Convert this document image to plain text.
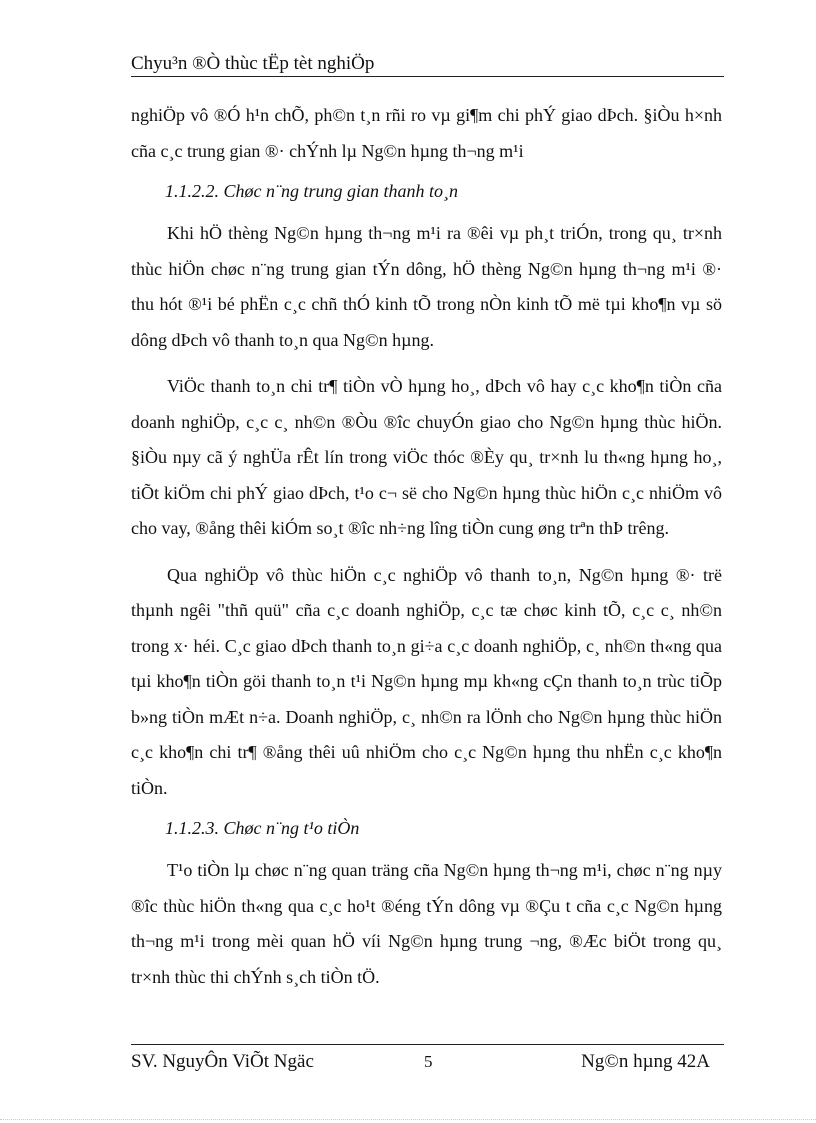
Chyu³n ®Ò thùc tËp tèt nghiÖp

nghiÖp vô ®Ó h¹n chÕ, ph©n t¸n rñi ro vµ gi¶m chi phÝ giao dÞch. §iÒu h×nh cña c¸c trung gian ®· chÝnh lµ Ng©n hµng th¬ng m¹i

1.1.2.2. Chøc n¨ng trung gian thanh to¸n

Khi hÖ thèng Ng©n hµng th¬ng m¹i ra ®êi vµ ph¸t triÓn, trong qu¸ tr×nh thùc hiÖn chøc n¨ng trung gian tÝn dông, hÖ thèng Ng©n hµng th¬ng m¹i ®· thu hót ®¹i bé phËn c¸c chñ thÓ kinh tÕ trong nÒn kinh tÕ më tµi kho¶n vµ sö dông dÞch vô thanh to¸n qua Ng©n hµng.

ViÖc thanh to¸n chi tr¶ tiÒn vÒ hµng ho¸, dÞch vô hay c¸c kho¶n tiÒn cña doanh nghiÖp, c¸c c¸ nh©n ®Òu ®îc chuyÓn giao cho Ng©n hµng thùc hiÖn. §iÒu nµy cã ý nghÜa rÊt lín trong viÖc thóc ®Èy qu¸ tr×nh lu th«ng hµng ho¸, tiÕt kiÖm chi phÝ giao dÞch, t¹o c¬ së cho Ng©n hµng thùc hiÖn c¸c nhiÖm vô cho vay, ®ång thêi kiÓm so¸t ®îc nh÷ng lîng tiÒn cung øng trªn thÞ trêng.

Qua nghiÖp vô thùc hiÖn c¸c nghiÖp vô thanh to¸n, Ng©n hµng ®· trë thµnh ngêi "thñ quü" cña c¸c doanh nghiÖp, c¸c tæ chøc kinh tÕ, c¸c c¸ nh©n trong x· héi. C¸c giao dÞch thanh to¸n gi÷a c¸c doanh nghiÖp, c¸ nh©n th«ng qua tµi kho¶n tiÒn göi thanh to¸n t¹i Ng©n hµng mµ kh«ng cÇn thanh to¸n trùc tiÕp b»ng tiÒn mÆt n÷a. Doanh nghiÖp, c¸ nh©n ra lÖnh cho Ng©n hµng thùc hiÖn c¸c kho¶n chi tr¶ ®ång thêi uû nhiÖm cho c¸c Ng©n hµng thu nhËn c¸c kho¶n tiÒn.

1.1.2.3. Chøc n¨ng t¹o tiÒn

T¹o tiÒn lµ chøc n¨ng quan träng cña Ng©n hµng th¬ng m¹i, chøc n¨ng nµy ®îc thùc hiÖn th«ng qua c¸c ho¹t ®éng tÝn dông vµ ®Çu t cña c¸c Ng©n hµng th¬ng m¹i trong mèi quan hÖ víi Ng©n hµng trung ¬ng, ®Æc biÖt trong qu¸ tr×nh thùc thi chÝnh s¸ch tiÒn tÖ.

SV. NguyÔn ViÕt Ngäc	5	Ng©n hµng 42A
